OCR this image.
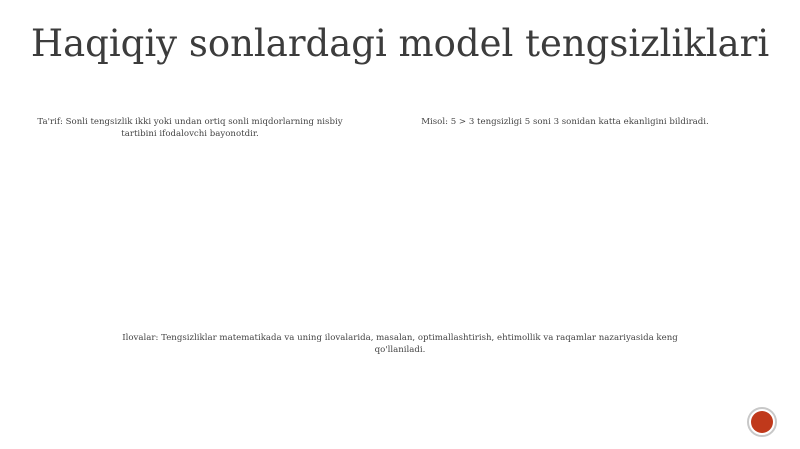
Haqiqiy sonlardagi model tengsizliklari
Ta'rif: Sonli tengsizlik ikki yoki undan ortiq sonli miqdorlarning nisbiy tartibini ifodalovchi bayonotdir.
Misol: 5 > 3 tengsizligi 5 soni 3 sonidan katta ekanligini bildiradi.
Ilovalar: Tengsizliklar matematikada va uning ilovalarida, masalan, optimallashtirish, ehtimollik va raqamlar nazariyasida keng qo'llaniladi.
